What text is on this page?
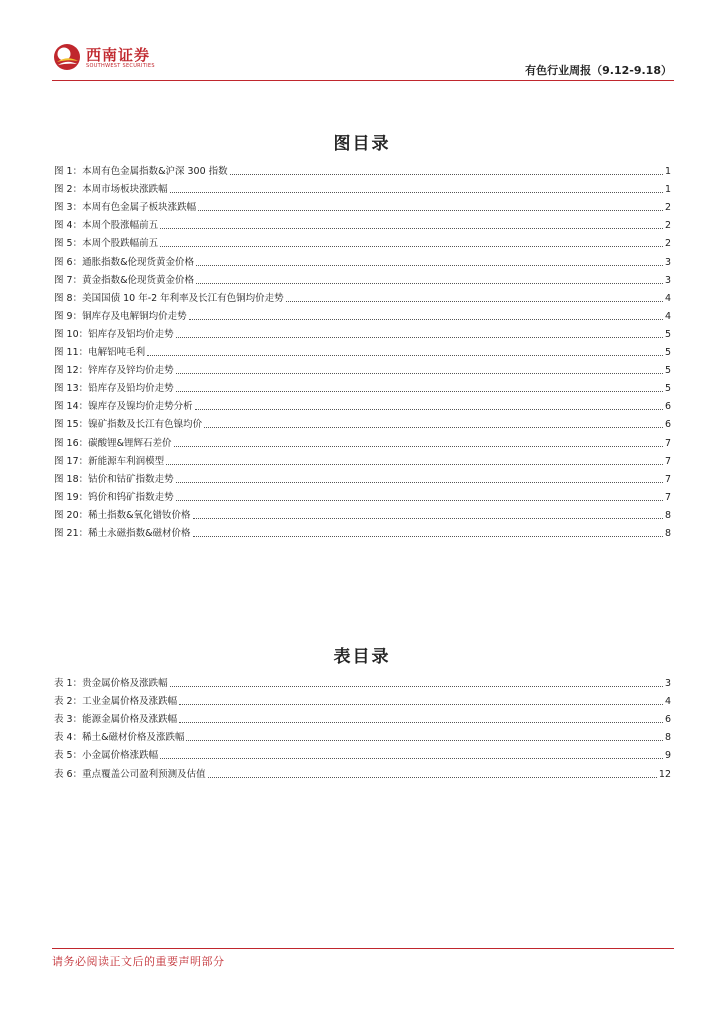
西南证券
SOUTHWEST SECURITIES	有色行业周报（9.12-9.18）
图目录
图 1：本周有色金属指数&沪深 300 指数	1
图 2：本周市场板块涨跌幅	1
图 3：本周有色金属子板块涨跌幅	2
图 4：本周个股涨幅前五	2
图 5：本周个股跌幅前五	2
图 6：通胀指数&伦现货黄金价格	3
图 7：黄金指数&伦现货黄金价格	3
图 8：美国国债 10 年-2 年利率及长江有色铜均价走势	4
图 9：铜库存及电解铜均价走势	4
图 10：铝库存及铝均价走势	5
图 11：电解铝吨毛利	5
图 12：锌库存及锌均价走势	5
图 13：铅库存及铅均价走势	5
图 14：镍库存及镍均价走势分析	6
图 15：镍矿指数及长江有色镍均价	6
图 16：碳酸锂&锂辉石差价	7
图 17：新能源车利润模型	7
图 18：钴价和钴矿指数走势	7
图 19：钨价和钨矿指数走势	7
图 20：稀土指数&氧化镨钕价格	8
图 21：稀土永磁指数&磁材价格	8
表目录
表 1：贵金属价格及涨跌幅	3
表 2：工业金属价格及涨跌幅	4
表 3：能源金属价格及涨跌幅	6
表 4：稀土&磁材价格及涨跌幅	8
表 5：小金属价格涨跌幅	9
表 6：重点覆盖公司盈利预测及估值	12
请务必阅读正文后的重要声明部分
